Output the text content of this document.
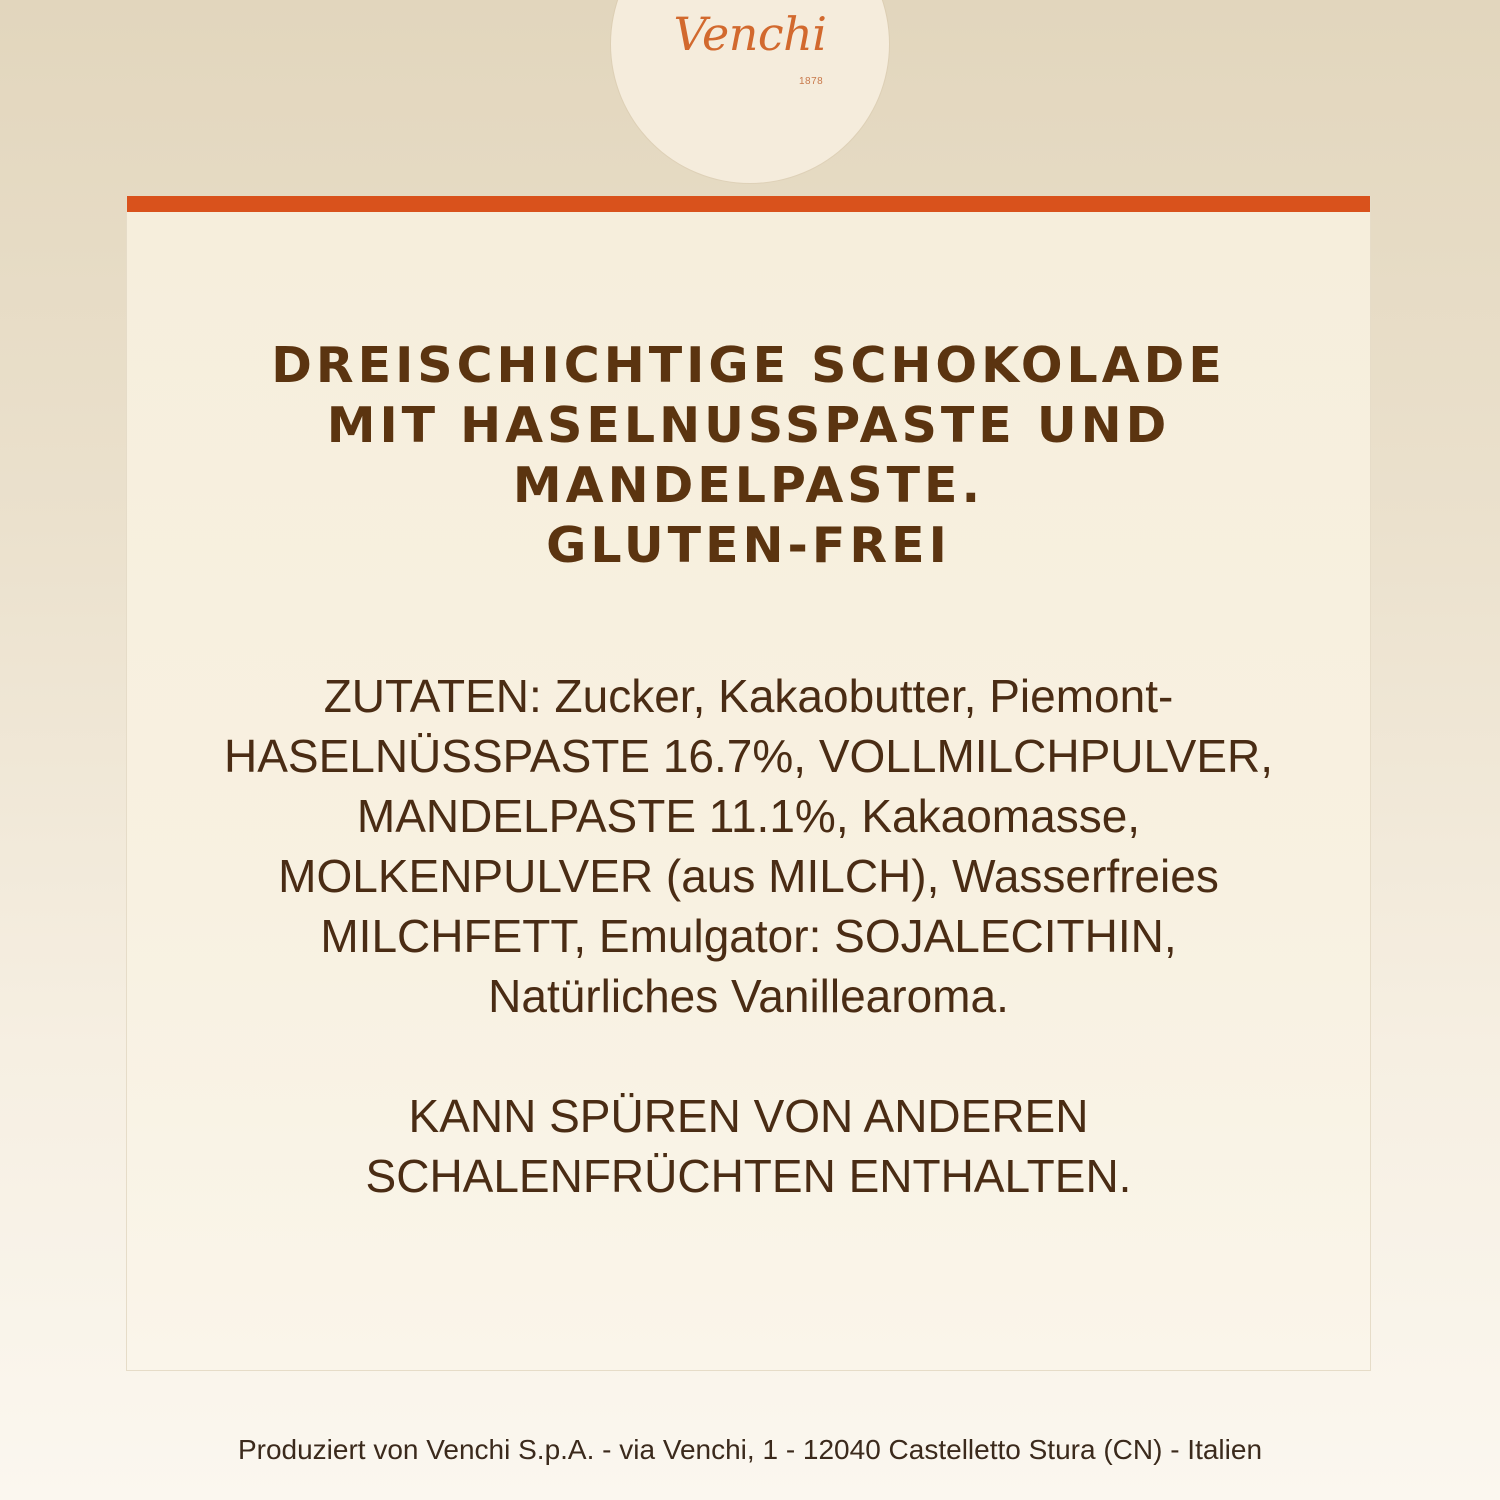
Venchi
1878
DREISCHICHTIGE SCHOKOLADE
MIT HASELNUSSPASTE UND
MANDELPASTE.
GLUTEN-FREI
ZUTATEN: Zucker, Kakaobutter, Piemont-
HASELNÜSSPASTE 16.7%, VOLLMILCHPULVER,
MANDELPASTE 11.1%, Kakaomasse,
MOLKENPULVER (aus MILCH), Wasserfreies
MILCHFETT, Emulgator: SOJALECITHIN,
Natürliches Vanillearoma.
KANN SPÜREN VON ANDEREN
SCHALENFRÜCHTEN ENTHALTEN.
Produziert von Venchi S.p.A. - via Venchi, 1 - 12040 Castelletto Stura (CN) - Italien
